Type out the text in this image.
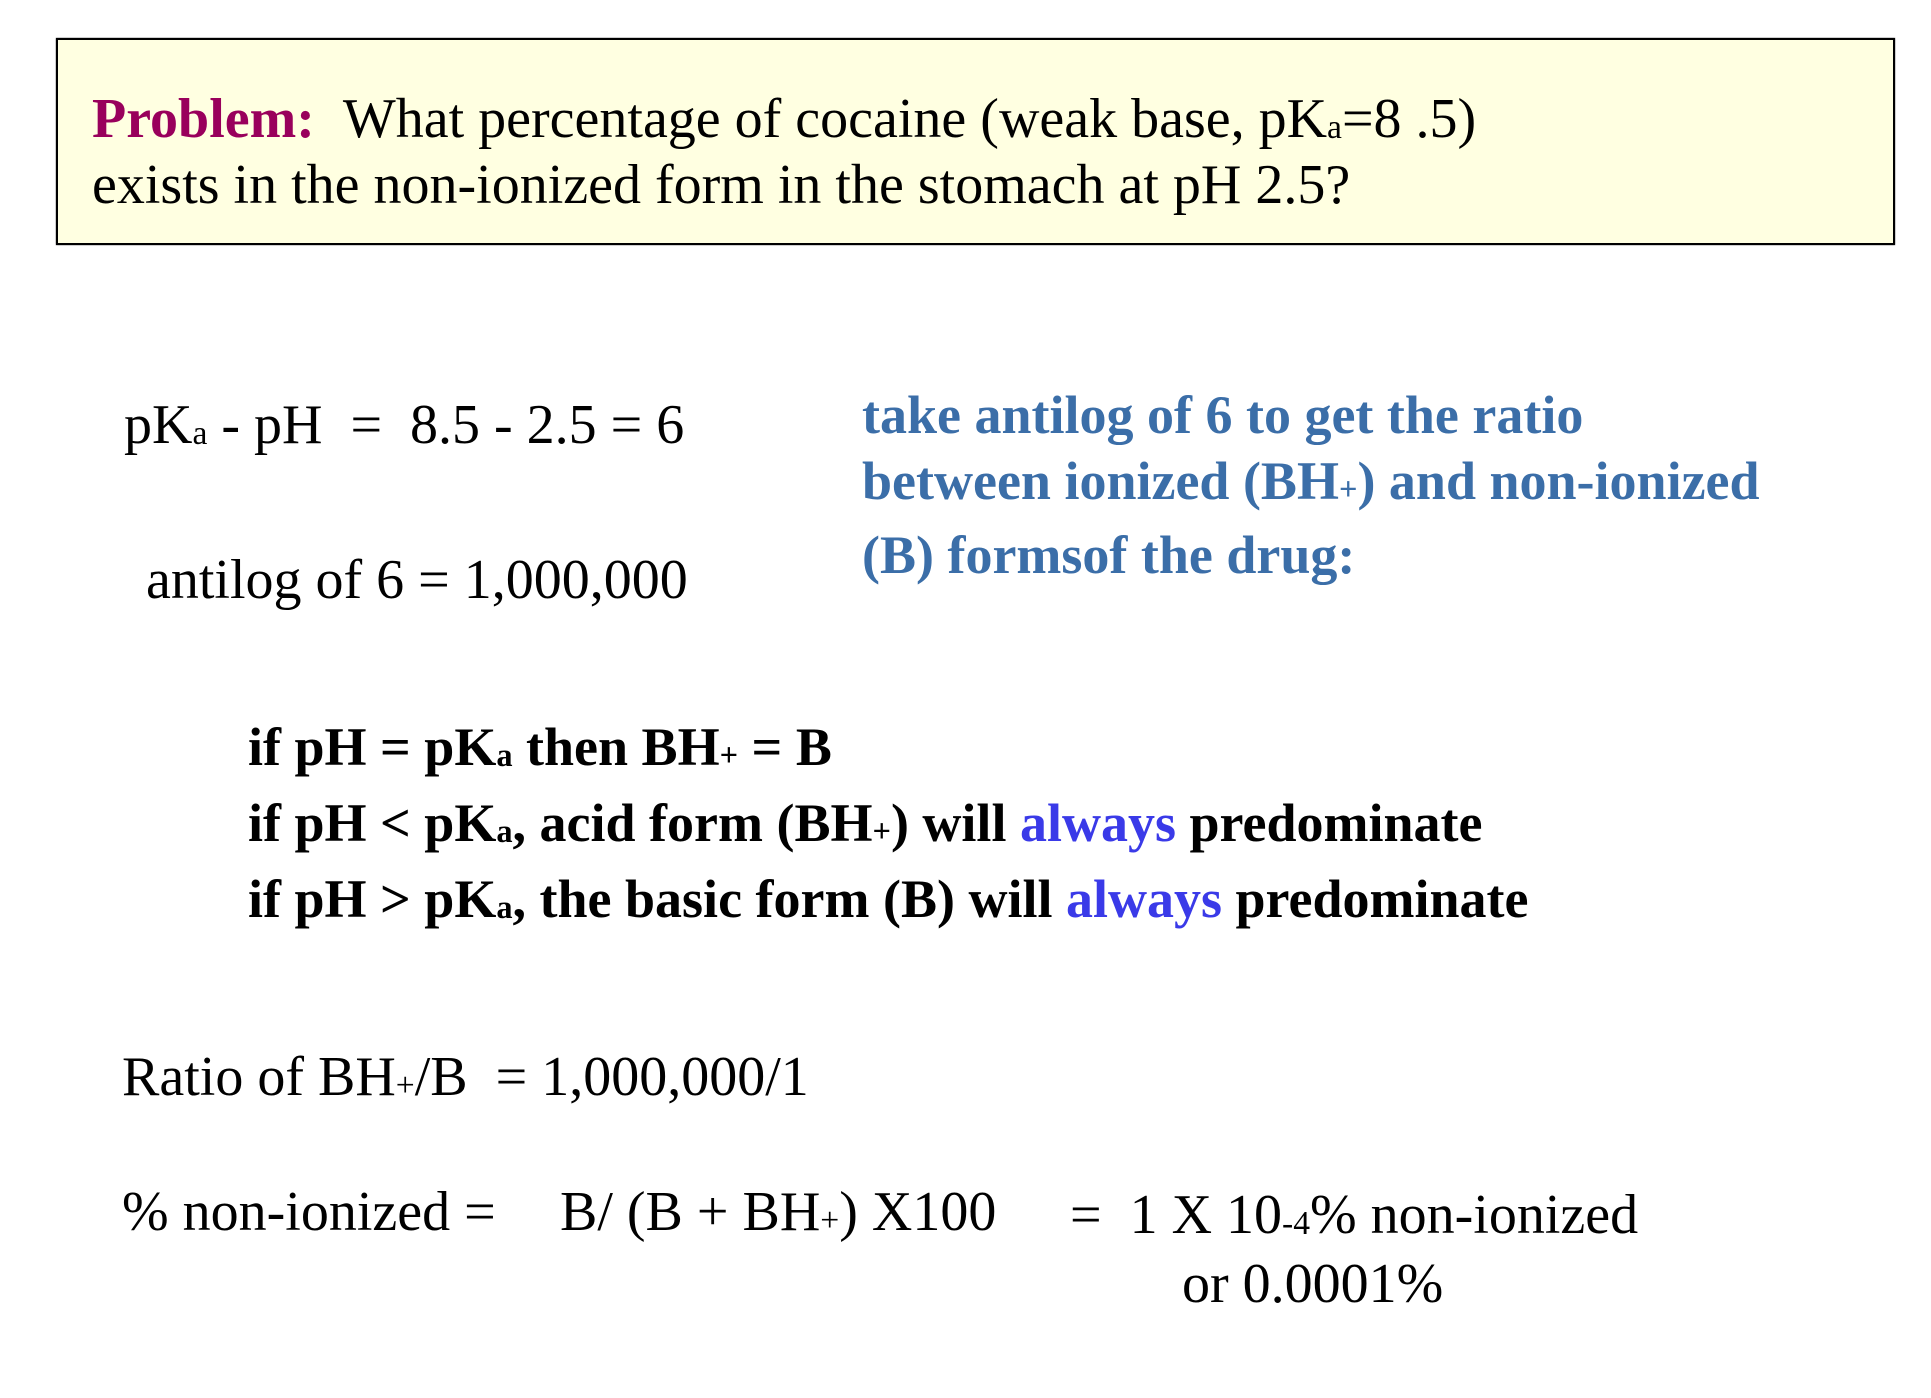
Problem: What percentage of cocaine (weak base, pKa=8 .5)
exists in the non-ionized form in the stomach at pH 2.5?
pKa - pH  =  8.5 - 2.5 = 6
antilog of 6 = 1,000,000
take antilog of 6 to get the ratio
between ionized (BH+) and non-ionized
(B) formsof the drug:
if pH = pKa then BH+ = B
if pH < pKa, acid form (BH+) will always predominate
if pH > pKa, the basic form (B) will always predominate
Ratio of BH+/B  = 1,000,000/1
% non-ionized = B/ (B + BH+) X100 =  1 X 10-4% non-ionized
or 0.0001%
